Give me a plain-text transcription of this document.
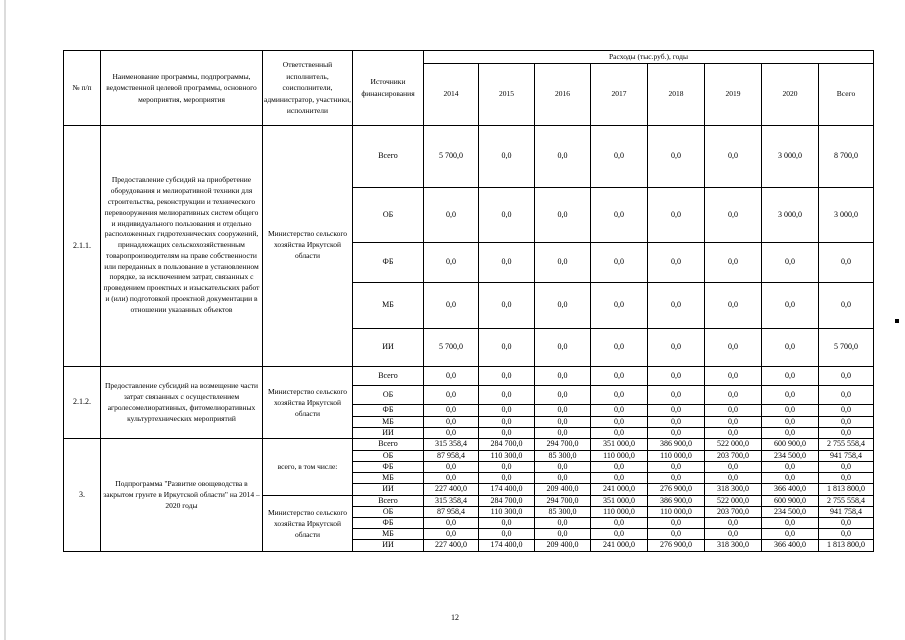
№ п/п	Наименование программы, подпрограммы, ведомственной целевой программы, основного мероприятия, мероприятия	Ответственный исполнитель, соисполнители, администратор, участники, исполнители	Источники финансирования	Расходы (тыс.руб.), годы							
				2014	2015	2016	2017	2018	2019	2020	Всего
2.1.1.	Предоставление субсидий на приобретение оборудования и мелиоративной техники для строительства, реконструкции и технического перевооружения мелиоративных систем общего и индивидуального пользования и отдельно расположенных гидротехнических сооружений, принадлежащих сельскохозяйственным товаропроизводителям на праве собственности или переданных в пользование в установленном порядке, за исключением затрат, связанных с проведением проектных и изыскательских работ и (или) подготовкой проектной документации в отношении указанных объектов	Министерство сельского хозяйства Иркутской области	Всего	5 700,0	0,0	0,0	0,0	0,0	0,0	3 000,0	8 700,0
			ОБ	0,0	0,0	0,0	0,0	0,0	0,0	3 000,0	3 000,0
			ФБ	0,0	0,0	0,0	0,0	0,0	0,0	0,0	0,0
			МБ	0,0	0,0	0,0	0,0	0,0	0,0	0,0	0,0
			ИИ	5 700,0	0,0	0,0	0,0	0,0	0,0	0,0	5 700,0
2.1.2.	Предоставление субсидий на возмещение части затрат связанных с осуществлением агролесомелиоративных, фитомелиоративных культуртехнических мероприятий	Министерство сельского хозяйства Иркутской области	Всего	0,0	0,0	0,0	0,0	0,0	0,0	0,0	0,0
			ОБ	0,0	0,0	0,0	0,0	0,0	0,0	0,0	0,0
			ФБ	0,0	0,0	0,0	0,0	0,0	0,0	0,0	0,0
			МБ	0,0	0,0	0,0	0,0	0,0	0,0	0,0	0,0
			ИИ	0,0	0,0	0,0	0,0	0,0	0,0	0,0	0,0
3.	Подпрограмма "Развитие овощеводства в закрытом грунте в Иркутской области" на 2014 – 2020 годы	всего, в том числе:	Всего	315 358,4	284 700,0	294 700,0	351 000,0	386 900,0	522 000,0	600 900,0	2 755 558,4
			ОБ	87 958,4	110 300,0	85 300,0	110 000,0	110 000,0	203 700,0	234 500,0	941 758,4
			ФБ	0,0	0,0	0,0	0,0	0,0	0,0	0,0	0,0
			МБ	0,0	0,0	0,0	0,0	0,0	0,0	0,0	0,0
			ИИ	227 400,0	174 400,0	209 400,0	241 000,0	276 900,0	318 300,0	366 400,0	1 813 800,0
		Министерство сельского хозяйства Иркутской области	Всего	315 358,4	284 700,0	294 700,0	351 000,0	386 900,0	522 000,0	600 900,0	2 755 558,4
			ОБ	87 958,4	110 300,0	85 300,0	110 000,0	110 000,0	203 700,0	234 500,0	941 758,4
			ФБ	0,0	0,0	0,0	0,0	0,0	0,0	0,0	0,0
			МБ	0,0	0,0	0,0	0,0	0,0	0,0	0,0	0,0
			ИИ	227 400,0	174 400,0	209 400,0	241 000,0	276 900,0	318 300,0	366 400,0	1 813 800,0
12
